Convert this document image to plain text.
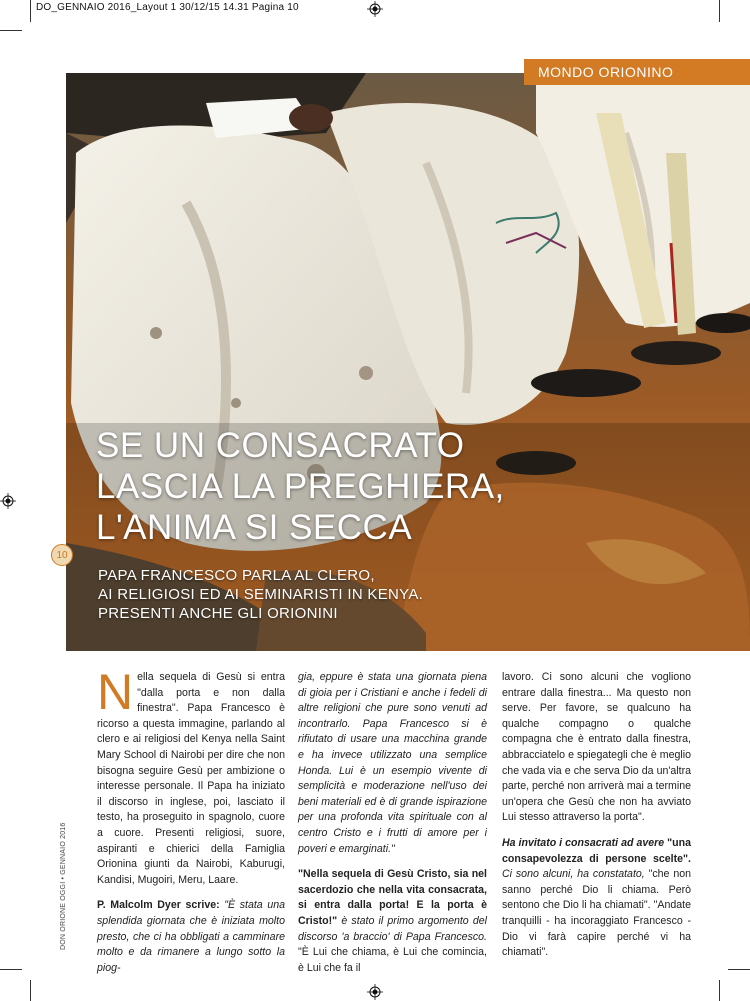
DO_GENNAIO 2016_Layout 1 30/12/15 14.31 Pagina 10
MONDO ORIONINO
SE UN CONSACRATO
LASCIA LA PREGHIERA,
L'ANIMA SI SECCA
PAPA FRANCESCO PARLA AL CLERO,
AI RELIGIOSI ED AI SEMINARISTI IN KENYA.
PRESENTI ANCHE GLI ORIONINI
10
DON ORIONE OGGI • GENNAIO 2016

Nella sequela di Gesù si entra "dalla porta e non dalla finestra". Papa Francesco è ricorso a questa immagine, parlando al clero e ai religiosi del Kenya nella Saint Mary School di Nairobi per dire che non bisogna seguire Gesù per ambizione o interesse personale. Il Papa ha iniziato il discorso in inglese, poi, lasciato il testo, ha proseguito in spagnolo, cuore a cuore. Presenti religiosi, suore, aspiranti e chierici della Famiglia Orionina giunti da Nairobi, Kaburugi, Kandisi, Mugoiri, Meru, Laare.

P. Malcolm Dyer scrive: "È stata una splendida giornata che è iniziata molto presto, che ci ha obbligati a camminare molto e da rimanere a lungo sotto la piog-

gia, eppure è stata una giornata piena di gioia per i Cristiani e anche i fedeli di altre religioni che pure sono venuti ad incontrarlo. Papa Francesco si è rifiutato di usare una macchina grande e ha invece utilizzato una semplice Honda. Lui è un esempio vivente di semplicità e moderazione nell'uso dei beni materiali ed è di grande ispirazione per una profonda vita spirituale con al centro Cristo e i frutti di amore per i poveri e emarginati."

"Nella sequela di Gesù Cristo, sia nel sacerdozio che nella vita consacrata, si entra dalla porta! E la porta è Cristo!" è stato il primo argomento del discorso 'a braccio' di Papa Francesco. "È Lui che chiama, è Lui che comincia, è Lui che fa il

lavoro. Ci sono alcuni che vogliono entrare dalla finestra... Ma questo non serve. Per favore, se qualcuno ha qualche compagno o qualche compagna che è entrato dalla finestra, abbracciatelo e spiegategli che è meglio che vada via e che serva Dio da un'altra parte, perché non arriverà mai a termine un'opera che Gesù che non ha avviato Lui stesso attraverso la porta".

Ha invitato i consacrati ad avere "una consapevolezza di persone scelte". Ci sono alcuni, ha constatato, "che non sanno perché Dio li chiama. Però sentono che Dio li ha chiamati". "Andate tranquilli - ha incoraggiato Francesco - Dio vi farà capire perché vi ha chiamati".
